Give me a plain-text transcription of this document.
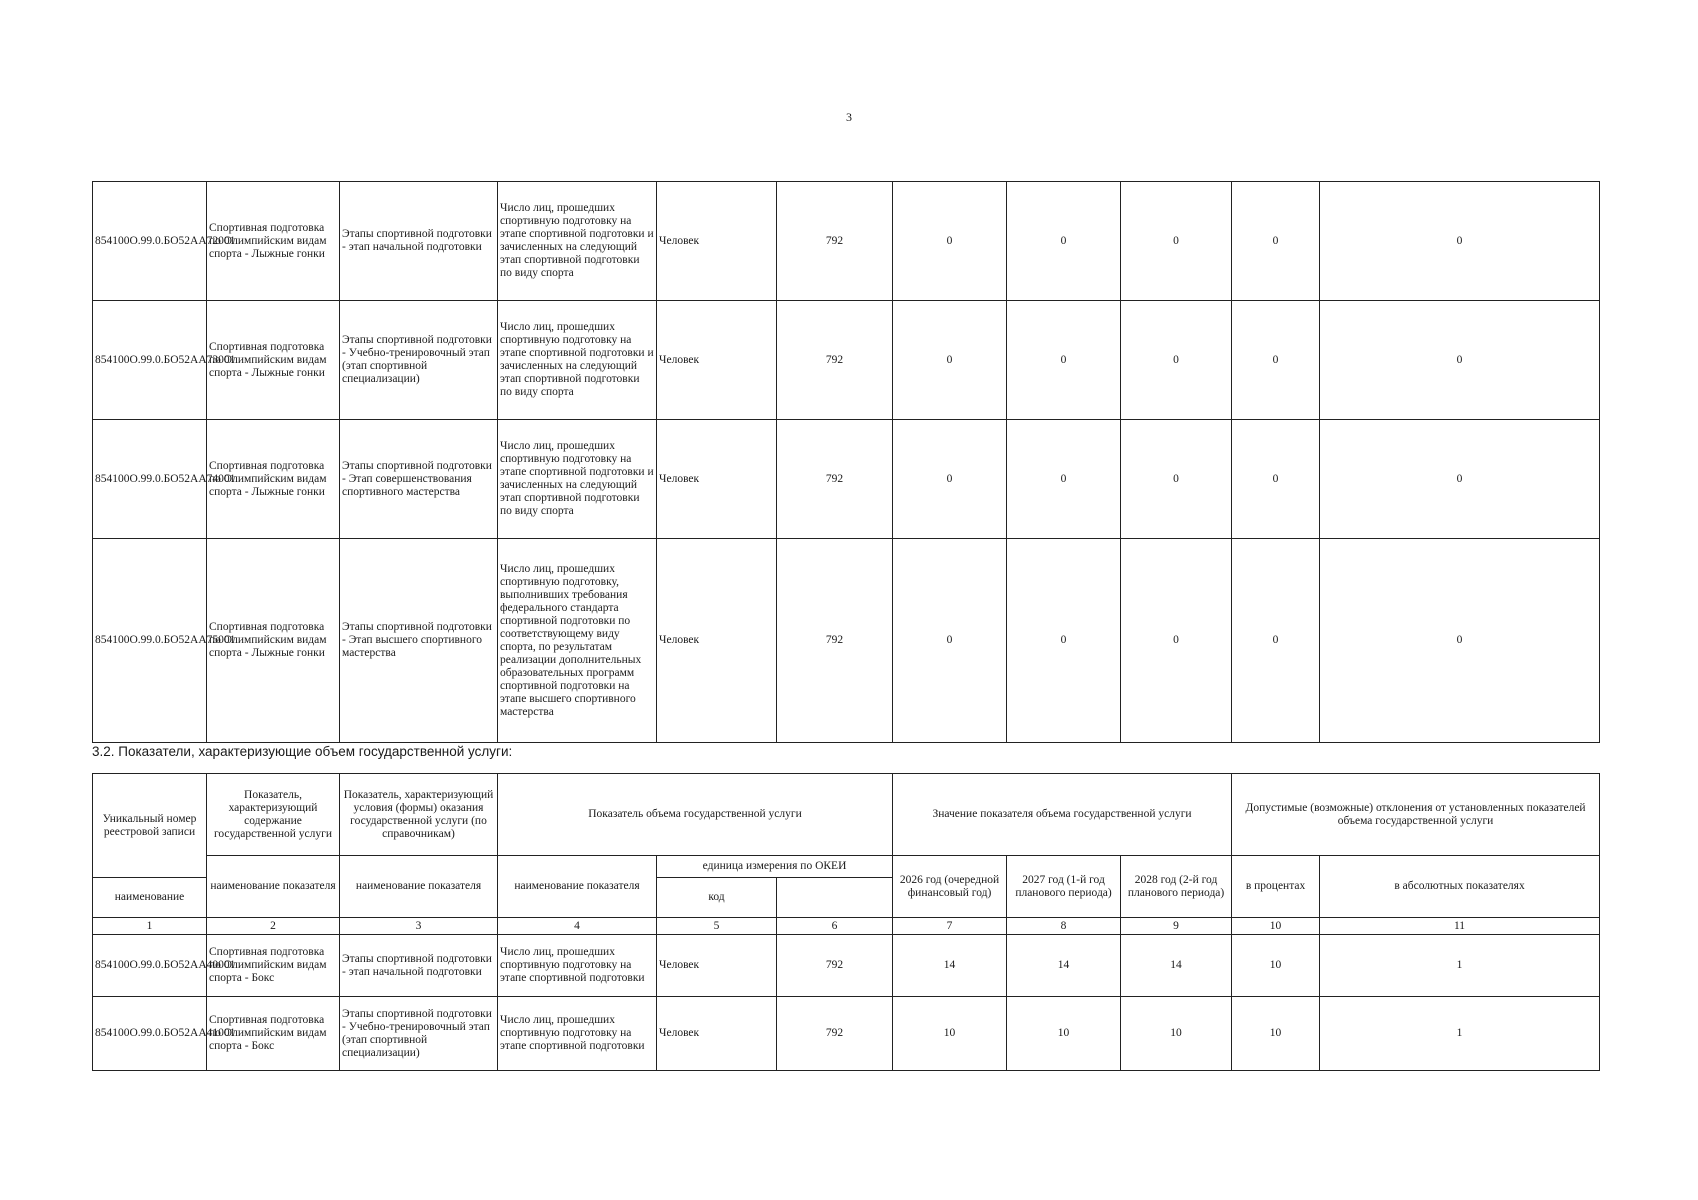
3
854100О.99.0.БО52АА72001	Спортивная подготовка по Олимпийским видам спорта - Лыжные гонки	Этапы спортивной подготовки - этап начальной подготовки	Число лиц, прошедших спортивную подготовку на этапе спортивной подготовки и зачисленных на следующий этап спортивной подготовки по виду спорта	Человек	792	0	0	0	0	0
854100О.99.0.БО52АА73001	Спортивная подготовка по Олимпийским видам спорта - Лыжные гонки	Этапы спортивной подготовки - Учебно-тренировочный этап (этап спортивной специализации)	Число лиц, прошедших спортивную подготовку на этапе спортивной подготовки и зачисленных на следующий этап спортивной подготовки по виду спорта	Человек	792	0	0	0	0	0
854100О.99.0.БО52АА74001	Спортивная подготовка по Олимпийским видам спорта - Лыжные гонки	Этапы спортивной подготовки - Этап совершенствования спортивного мастерства	Число лиц, прошедших спортивную подготовку на этапе спортивной подготовки и зачисленных на следующий этап спортивной подготовки по виду спорта	Человек	792	0	0	0	0	0
854100О.99.0.БО52АА75001	Спортивная подготовка по Олимпийским видам спорта - Лыжные гонки	Этапы спортивной подготовки - Этап высшего спортивного мастерства	Число лиц, прошедших спортивную подготовку, выполнивших требования федерального стандарта спортивной подготовки по соответствующему виду спорта, по результатам реализации дополнительных образовательных программ спортивной подготовки на этапе высшего спортивного мастерства	Человек	792	0	0	0	0	0
3.2. Показатели, характеризующие объем государственной услуги:
Уникальный номер реестровой записи	Показатель, характеризующий содержание государственной услуги	Показатель, характеризующий условия (формы) оказания государственной услуги (по справочникам)	Показатель объема государственной услуги			Значение показателя объема государственной услуги			Допустимые (возможные) отклонения от установленных показателей объема государственной услуги	
	наименование показателя	наименование показателя	наименование показателя	единица измерения по ОКЕИ		2026 год (очередной финансовый год)	2027 год (1-й год планового периода)	2028 год (2-й год планового периода)	в процентах	в абсолютных показателях
наименование				код						
1	2	3	4	5	6	7	8	9	10	11
854100О.99.0.БО52АА40001	Спортивная подготовка по Олимпийским видам спорта - Бокс	Этапы спортивной подготовки - этап начальной подготовки	Число лиц, прошедших спортивную подготовку на этапе спортивной подготовки	Человек	792	14	14	14	10	1
854100О.99.0.БО52АА41001	Спортивная подготовка по Олимпийским видам спорта - Бокс	Этапы спортивной подготовки - Учебно-тренировочный этап (этап спортивной специализации)	Число лиц, прошедших спортивную подготовку на этапе спортивной подготовки	Человек	792	10	10	10	10	1
